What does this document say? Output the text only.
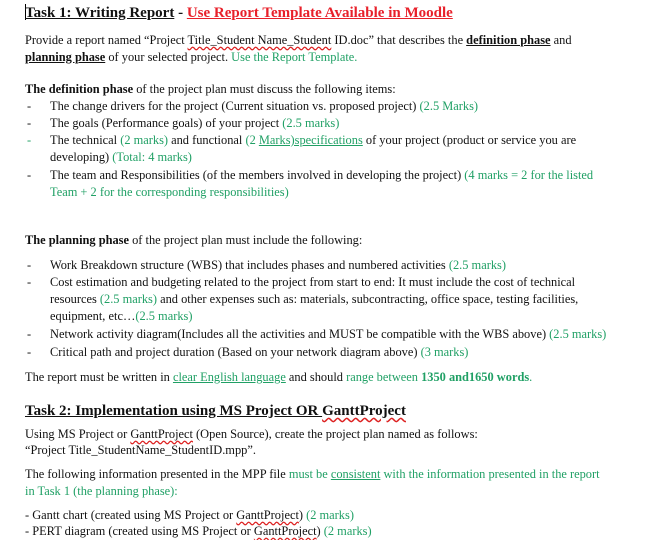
Task 1: Writing Report - Use Report Template Available in Moodle
Provide a report named “Project Title_Student Name_Student ID.doc” that describes the definition phase and
planning phase of your selected project. Use the Report Template.
The definition phase of the project plan must discuss the following items:
- The change drivers for the project (Current situation vs. proposed project) (2.5 Marks)
- The goals (Performance goals) of your project (2.5 marks)
- The technical (2 marks) and functional (2 Marks)specifications of your project (product or service you are
developing) (Total: 4 marks)
- The team and Responsibilities (of the members involved in developing the project) (4 marks = 2 for the listed
Team + 2 for the corresponding responsibilities)
The planning phase of the project plan must include the following:
- Work Breakdown structure (WBS) that includes phases and numbered activities (2.5 marks)
- Cost estimation and budgeting related to the project from start to end: It must include the cost of technical
resources (2.5 marks) and other expenses such as: materials, subcontracting, office space, testing facilities,
equipment, etc…(2.5 marks)
- Network activity diagram(Includes all the activities and MUST be compatible with the WBS above) (2.5 marks)
- Critical path and project duration (Based on your network diagram above) (3 marks)
The report must be written in clear English language and should range between 1350 and1650 words.
Task 2: Implementation using MS Project OR GanttProject
Using MS Project or GanttProject (Open Source), create the project plan named as follows:
“Project Title_StudentName_StudentID.mpp”.
The following information presented in the MPP file must be consistent with the information presented in the report
in Task 1 (the planning phase):
- Gantt chart (created using MS Project or GanttProject) (2 marks)
- PERT diagram (created using MS Project or GanttProject) (2 marks)
